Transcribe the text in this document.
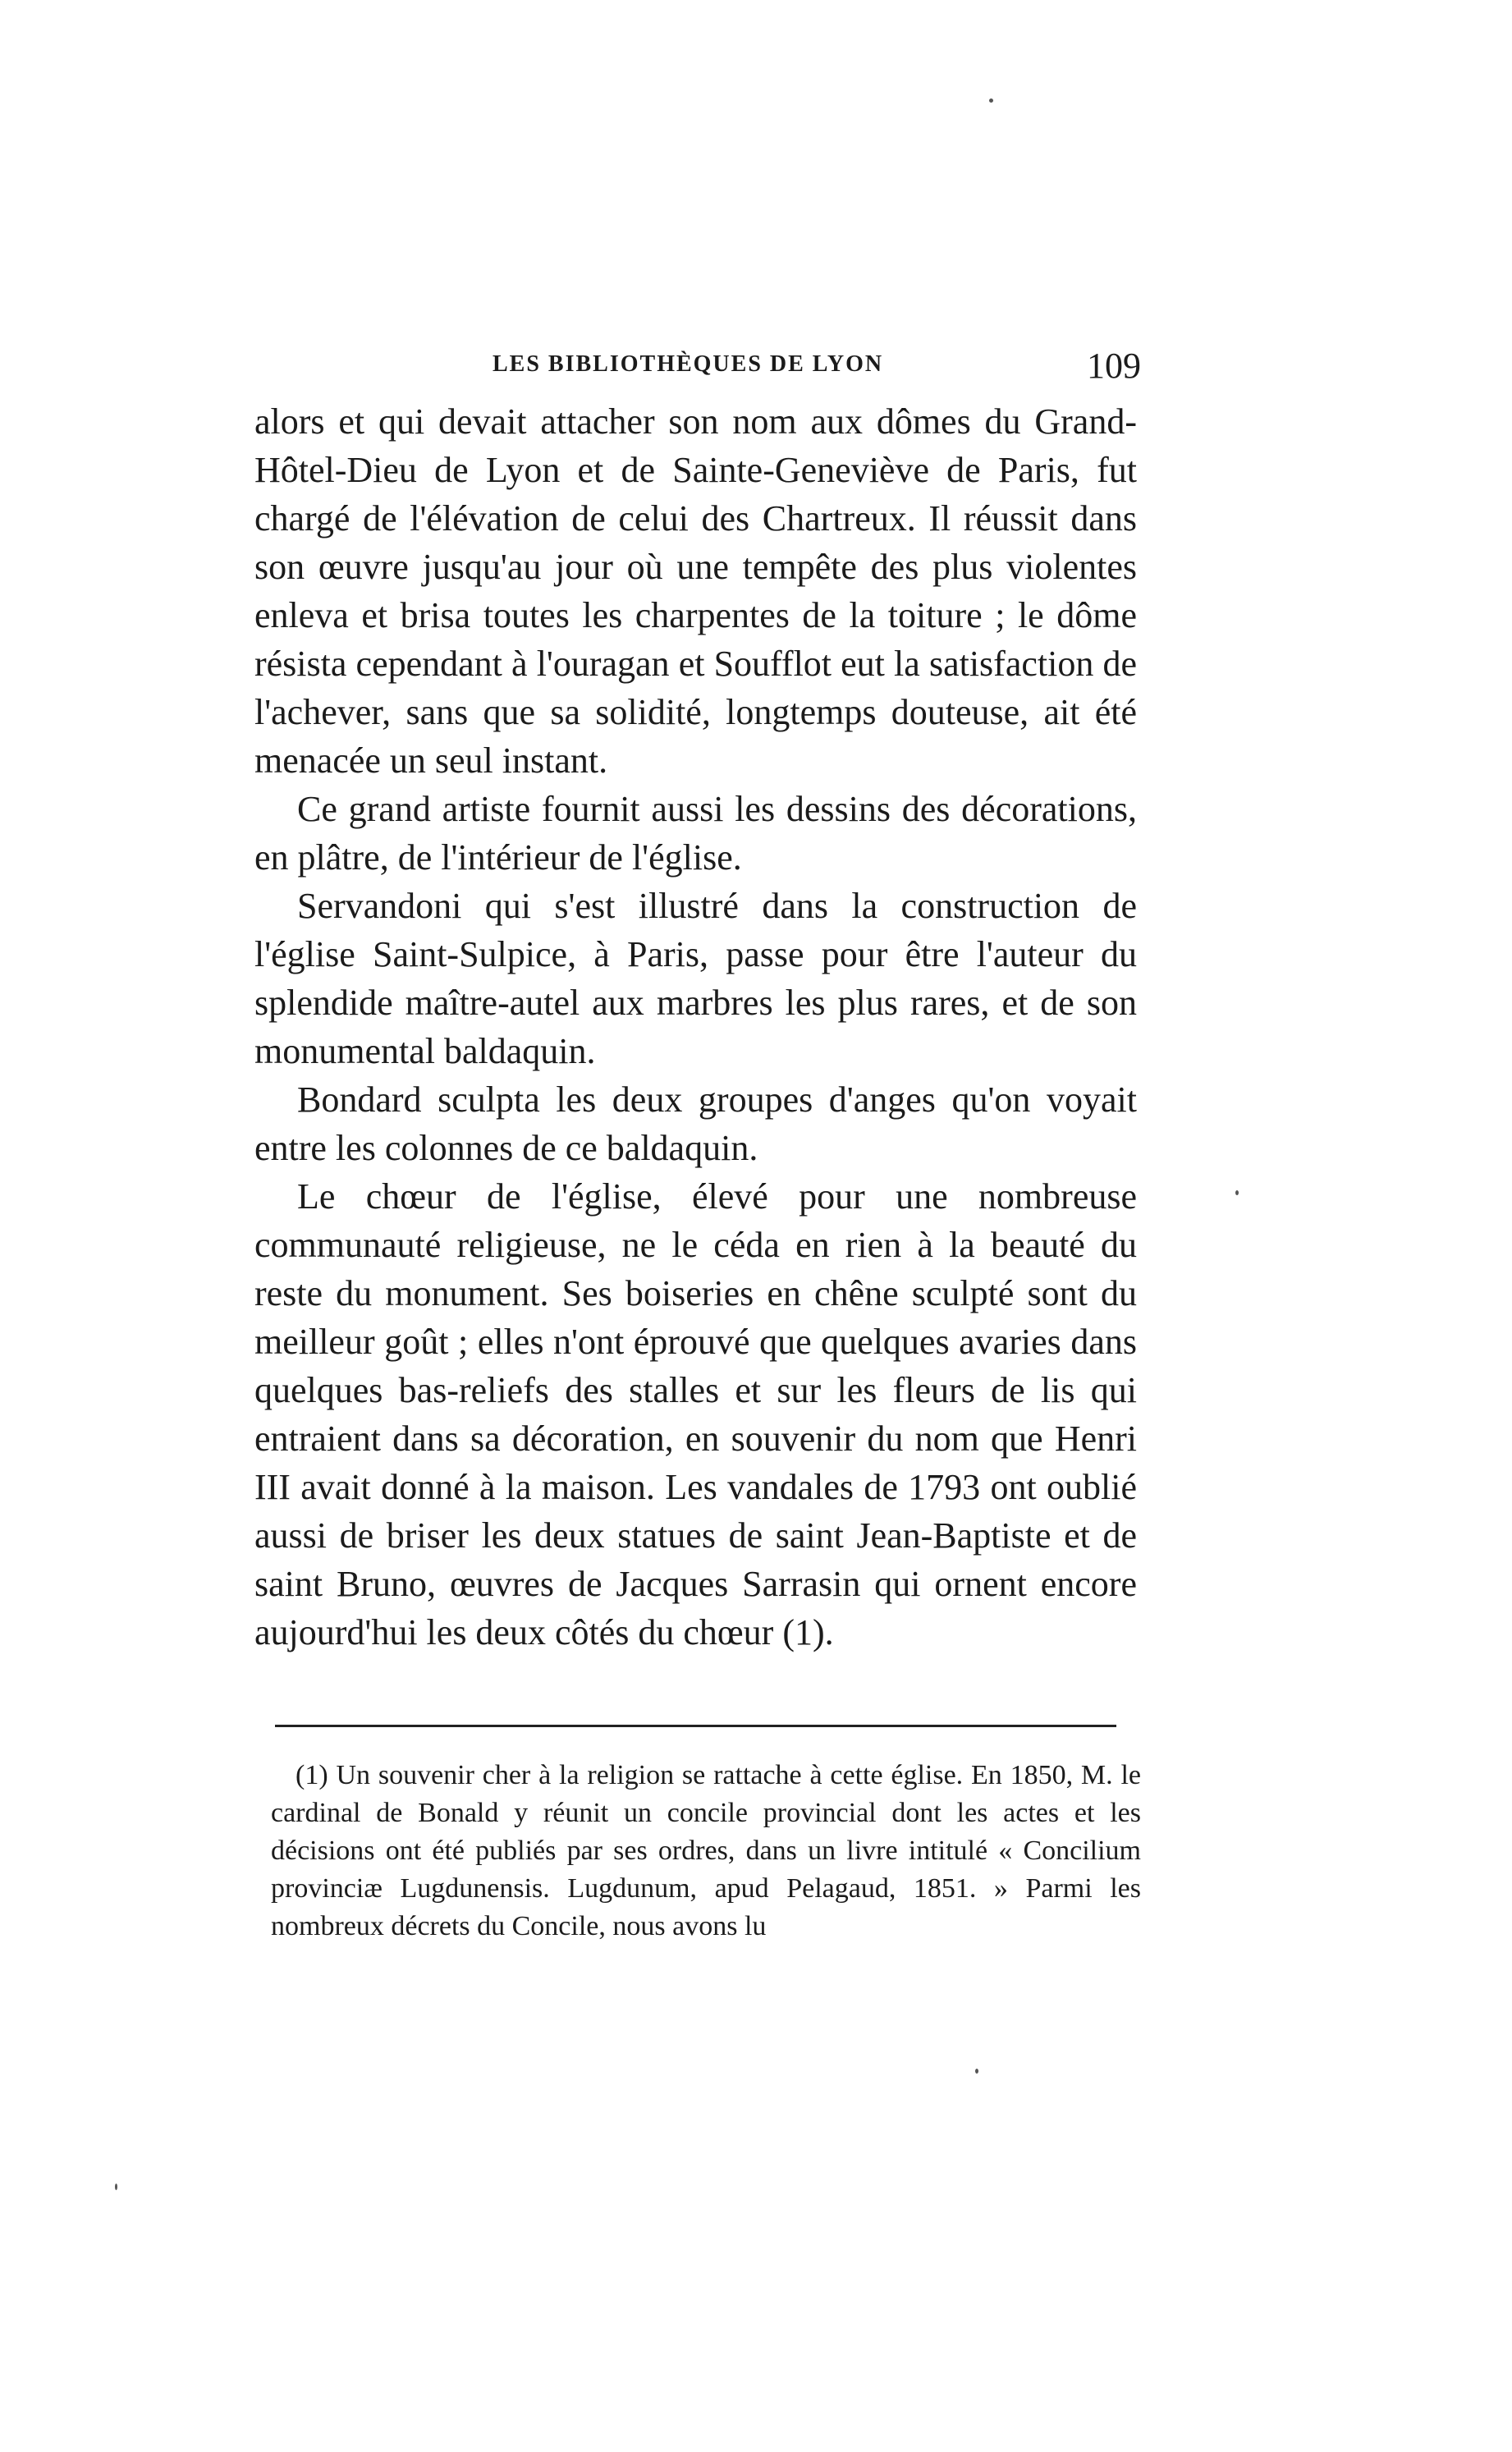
LES BIBLIOTHÈQUES DE LYON	109

alors et qui devait attacher son nom aux dômes du Grand-Hôtel-Dieu de Lyon et de Sainte-Geneviève de Paris, fut chargé de l'élévation de celui des Chartreux. Il réussit dans son œuvre jusqu'au jour où une tempête des plus violentes enleva et brisa toutes les charpentes de la toiture ; le dôme résista cependant à l'ouragan et Soufflot eut la satisfaction de l'achever, sans que sa solidité, longtemps douteuse, ait été menacée un seul instant.

Ce grand artiste fournit aussi les dessins des décorations, en plâtre, de l'intérieur de l'église.

Servandoni qui s'est illustré dans la construction de l'église Saint-Sulpice, à Paris, passe pour être l'auteur du splendide maître-autel aux marbres les plus rares, et de son monumental baldaquin.

Bondard sculpta les deux groupes d'anges qu'on voyait entre les colonnes de ce baldaquin.

Le chœur de l'église, élevé pour une nombreuse communauté religieuse, ne le céda en rien à la beauté du reste du monument. Ses boiseries en chêne sculpté sont du meilleur goût ; elles n'ont éprouvé que quelques avaries dans quelques bas-reliefs des stalles et sur les fleurs de lis qui entraient dans sa décoration, en souvenir du nom que Henri III avait donné à la maison. Les vandales de 1793 ont oublié aussi de briser les deux statues de saint Jean-Baptiste et de saint Bruno, œuvres de Jacques Sarrasin qui ornent encore aujourd'hui les deux côtés du chœur (1).

(1) Un souvenir cher à la religion se rattache à cette église. En 1850, M. le cardinal de Bonald y réunit un concile provincial dont les actes et les décisions ont été publiés par ses ordres, dans un livre intitulé « Concilium provinciæ Lugdunensis. Lugdunum, apud Pelagaud, 1851. » Parmi les nombreux décrets du Concile, nous avons lu
